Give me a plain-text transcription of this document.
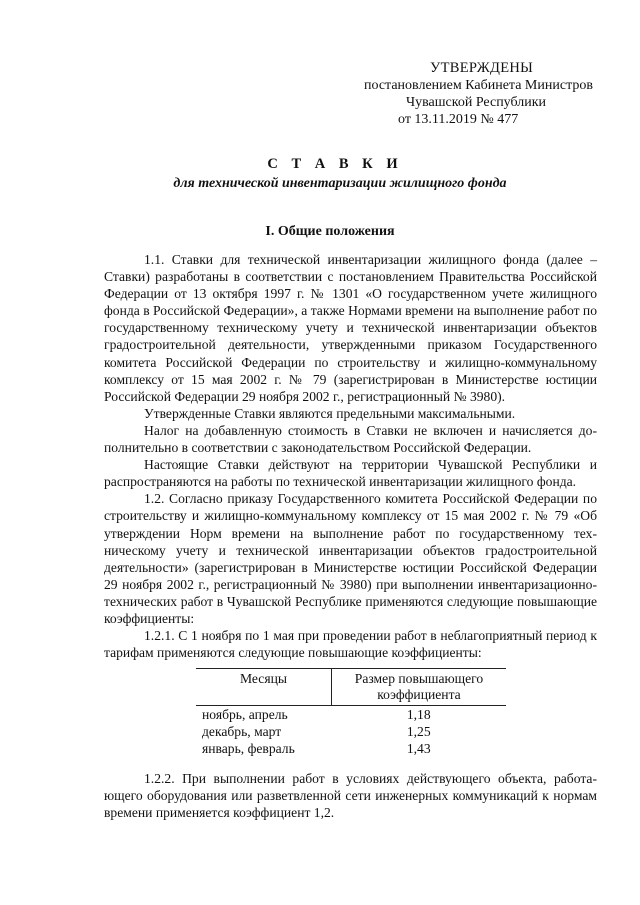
УТВЕРЖДЕНЫ
постановлением Кабинета Министров
Чувашской Республики
от 13.11.2019 № 477
С Т А В К И
для технической инвентаризации жилищного фонда
I. Общие положения

1.1. Ставки для технической инвентаризации жилищного фонда (далее – Ставки) разработаны в соответствии с постановлением Правительства Российской Федерации от 13 октября 1997 г. № 1301 «О государственном учете жилищного фонда в Российской Федерации», а также Нормами времени на выполнение работ по государственному техническому учету и технической инвентаризации объектов градостроительной деятельности, утвержденными приказом Государственного комитета Российской Федерации по строительству и жилищно-коммунальному комплексу от 15 мая 2002 г. № 79 (зарегистрирован в Министерстве юстиции Российской Федерации 29 ноября 2002 г., регистрационный № 3980).

Утвержденные Ставки являются предельными максимальными.

Налог на добавленную стоимость в Ставки не включен и начисляется дополнительно в соответствии с законодательством Российской Федерации.

Настоящие Ставки действуют на территории Чувашской Республики и распространяются на работы по технической инвентаризации жилищного фонда.

1.2. Согласно приказу Государственного комитета Российской Федерации по строительству и жилищно-коммунальному комплексу от 15 мая 2002 г. № 79 «Об утверждении Норм времени на выполнение работ по государственному техническому учету и технической инвентаризации объектов градостроительной деятельности» (зарегистрирован в Министерстве юстиции Российской Федерации 29 ноября 2002 г., регистрационный № 3980) при выполнении инвентаризационно-технических работ в Чувашской Республике применяются следующие повышающие коэффициенты:

1.2.1. С 1 ноября по 1 мая при проведении работ в неблагоприятный период к тарифам применяются следующие повышающие коэффициенты:

Месяцы	Размер повышающего коэффициента
ноябрь, апрель	1,18
декабрь, март	1,25
январь, февраль	1,43

1.2.2. При выполнении работ в условиях действующего объекта, работающего оборудования или разветвленной сети инженерных коммуникаций к нормам времени применяется коэффициент 1,2.
